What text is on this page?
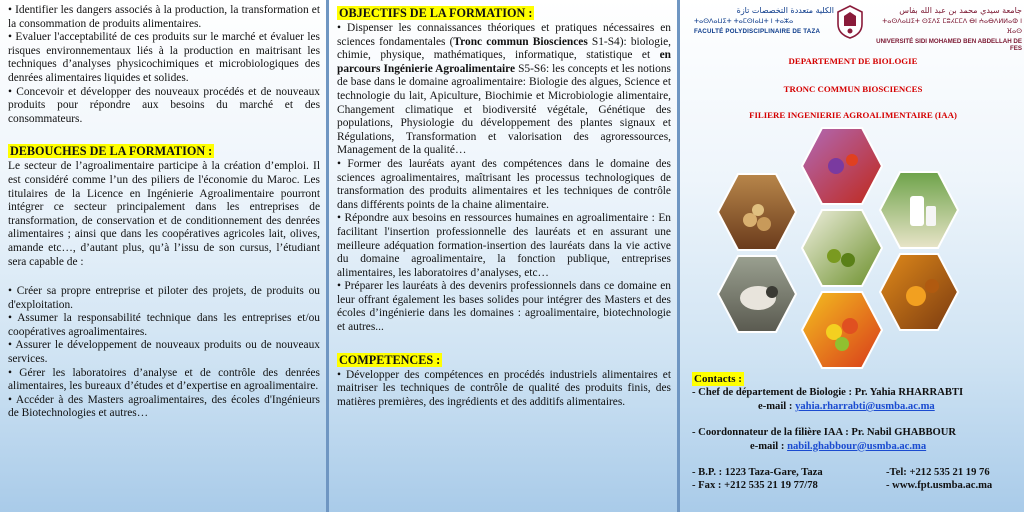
• Identifier les dangers associés à la production, la transformation et la consommation de produits alimentaires.

• Evaluer l'acceptabilité de ces produits sur le marché et évaluer les risques environnementaux liés à la production en maitrisant les techniques d’analyses physicochimiques et microbiologiques des denrées alimentaires liquides et solides.

• Concevoir et développer des nouveaux procédés et de nouveaux produits pour répondre aux besoins du marché et des consommateurs.

DEBOUCHES DE LA FORMATION :

Le secteur de l’agroalimentaire participe à la création d’emploi. Il est considéré comme l’un des piliers de l'économie du Maroc. Les titulaires de la Licence en Ingénierie Agroalimentaire pourront intégrer ce secteur principalement dans les entreprises de transformation, de conservation et de conditionnement des denrées alimentaires ; ainsi que dans les coopératives agricoles lait, olives, amande etc…, d’autant plus, qu’à l’issu de son cursus, l’étudiant sera capable de :

• Créer sa propre entreprise et piloter des projets, de produits ou d'exploitation.

• Assumer la responsabilité technique dans les entreprises et/ou coopératives agroalimentaires.

• Assurer le développement de nouveaux produits ou de nouveaux services.

• Gérer les laboratoires d’analyse et de contrôle des denrées alimentaires, les bureaux d’études et d’expertise en agroalimentaire.

• Accéder à des Masters agroalimentaires, des écoles d'Ingénieurs de Biotechnologies et autres…

OBJECTIFS DE LA FORMATION :

• Dispenser les connaissances théoriques et pratiques nécessaires en sciences fondamentales (Tronc commun Biosciences S1-S4): biologie, chimie, physique, mathématiques, informatique, statistique et en parcours Ingénierie Agroalimentaire S5-S6: les concepts et les notions de base dans le domaine agroalimentaire: Biologie des algues, Science et technologie du lait, Apiculture, Biochimie et Microbiologie alimentaire, Changement climatique et biodiversité végétale, Génétique des populations, Physiologie du développement des plantes signaux et Régulations, Transformation et valorisation des agroressources, Management de la qualité…

• Former des lauréats ayant des compétences dans le domaine des sciences agroalimentaires, maîtrisant les processus technologiques de transformation des produits alimentaires et les techniques de contrôle dans différents points de la chaine alimentaire.

• Répondre aux besoins en ressources humaines en agroalimentaire : En facilitant l'insertion professionnelle des lauréats et en assurant une meilleure adéquation formation-insertion des lauréats dans la vie active du domaine agroalimentaire, la fonction publique, entreprises alimentaires, les laboratoires d’analyses, etc…

• Préparer les lauréats à des devenirs professionnels dans ce domaine en leur offrant également les bases solides pour intégrer des Masters et des écoles d’ingénierie dans les domaines : agroalimentaire, biotechnologie et autres...

COMPETENCES :

• Développer des compétences en procédés industriels alimentaires et maitriser les techniques de contrôle de qualité des produits finis, des matières premières, des ingrédients et des additifs alimentaires.

الكلية متعددة التخصصات تازة
ⵜⴰⵙⴷⴰⵡⵉⵜ ⵜⴰⵎⵙⵏⴰⵡⵜ ⵏ ⵜⴰⵣⴰ
FACULTÉ POLYDISCIPLINAIRE DE TAZA
جامعة سيدي محمد بن عبد الله بفاس
ⵜⴰⵙⴷⴰⵡⵉⵜ ⵙⵉⴷⵉ ⵎⵓⵃⵎⵎⴷ ⴱⵏ ⵄⴰⴱⴷⵍⵍⴰⵀ ⵏ ⴼⴰⵙ
UNIVERSITÉ SIDI MOHAMED BEN ABDELLAH DE FES
DEPARTEMENT DE BIOLOGIE
TRONC COMMUN BIOSCIENCES
FILIERE INGENIERIE AGROALIMENTAIRE (IAA)
Contacts :
- Chef de département de Biologie : Pr. Yahia RHARRABTI
e-mail : yahia.rharrabti@usmba.ac.ma
- Coordonnateur de la filière IAA : Pr. Nabil GHABBOUR
e-mail : nabil.ghabbour@usmba.ac.ma
- B.P. : 1223 Taza-Gare, Taza	-Tel: +212 535 21 19 76
- Fax : +212 535 21 19 77/78	- www.fpt.usmba.ac.ma
